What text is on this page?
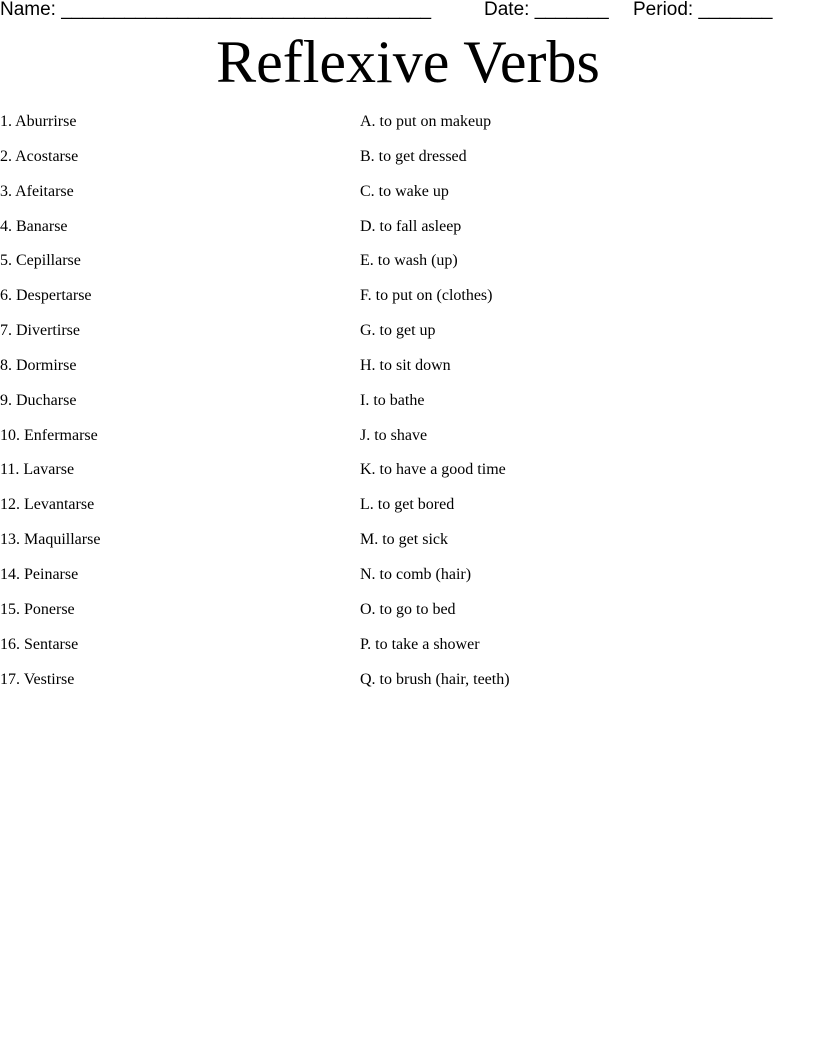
Name: ___________________________________	Date: _______ Period: _______
Reflexive Verbs
1. Aburrirse
2. Acostarse
3. Afeitarse
4. Banarse
5. Cepillarse
6. Despertarse
7. Divertirse
8. Dormirse
9. Ducharse
10. Enfermarse
11. Lavarse
12. Levantarse
13. Maquillarse
14. Peinarse
15. Ponerse
16. Sentarse
17. Vestirse
A. to put on makeup
B. to get dressed
C. to wake up
D. to fall asleep
E. to wash (up)
F. to put on (clothes)
G. to get up
H. to sit down
I. to bathe
J. to shave
K. to have a good time
L. to get bored
M. to get sick
N. to comb (hair)
O. to go to bed
P. to take a shower
Q. to brush (hair, teeth)
